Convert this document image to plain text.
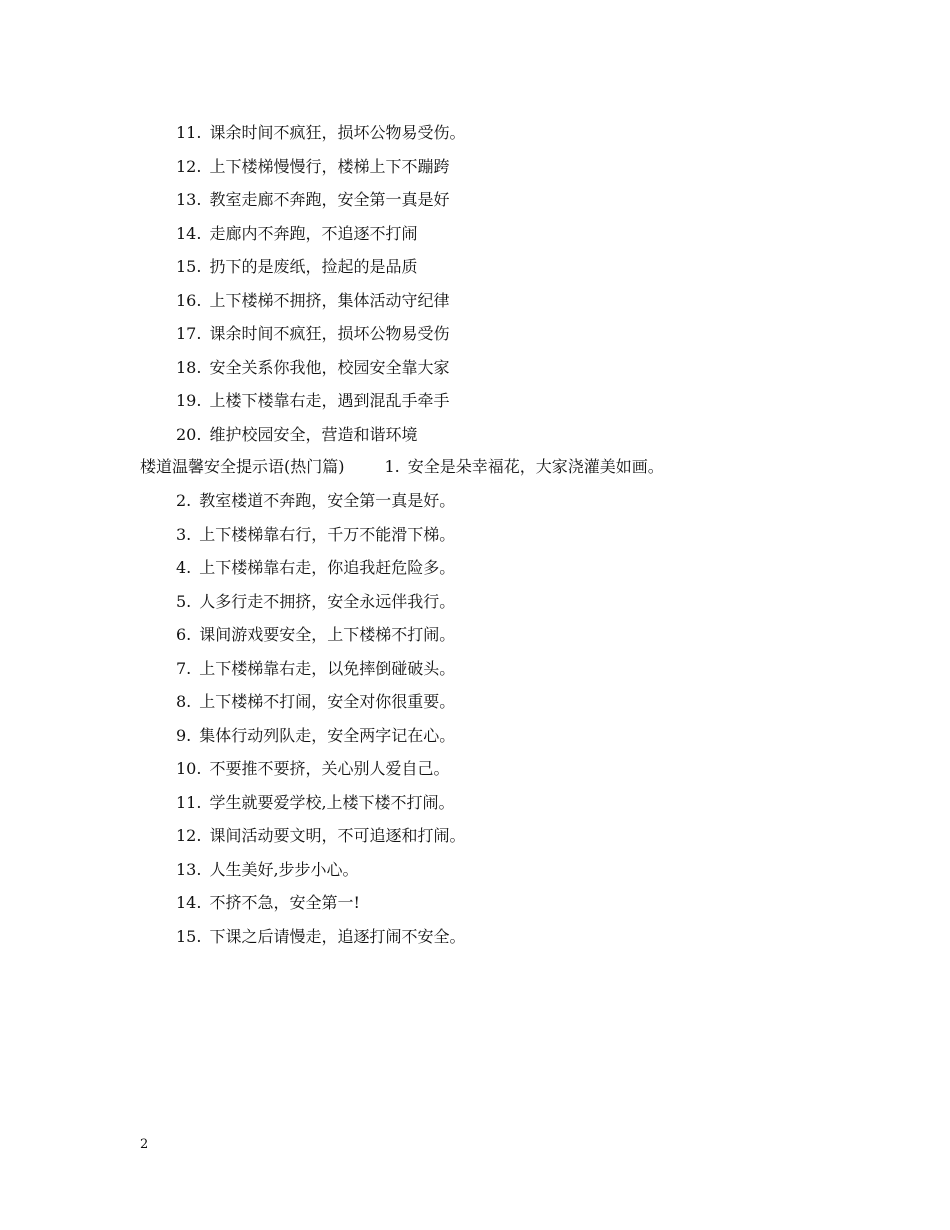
11. 课余时间不疯狂，损坏公物易受伤。
12. 上下楼梯慢慢行，楼梯上下不蹦跨
13. 教室走廊不奔跑，安全第一真是好
14. 走廊内不奔跑，不追逐不打闹
15. 扔下的是废纸，捡起的是品质
16. 上下楼梯不拥挤，集体活动守纪律
17. 课余时间不疯狂，损坏公物易受伤
18. 安全关系你我他，校园安全靠大家
19. 上楼下楼靠右走，遇到混乱手牵手
20. 维护校园安全，营造和谐环境
楼道温馨安全提示语(热门篇)	1. 安全是朵幸福花，大家浇灌美如画。
2. 教室楼道不奔跑，安全第一真是好。
3. 上下楼梯靠右行，千万不能滑下梯。
4. 上下楼梯靠右走，你追我赶危险多。
5. 人多行走不拥挤，安全永远伴我行。
6. 课间游戏要安全，上下楼梯不打闹。
7. 上下楼梯靠右走，以免摔倒碰破头。
8. 上下楼梯不打闹，安全对你很重要。
9. 集体行动列队走，安全两字记在心。
10. 不要推不要挤，关心别人爱自己。
11. 学生就要爱学校,上楼下楼不打闹。
12. 课间活动要文明，不可追逐和打闹。
13. 人生美好,步步小心。
14. 不挤不急，安全第一!
15. 下课之后请慢走，追逐打闹不安全。
2
